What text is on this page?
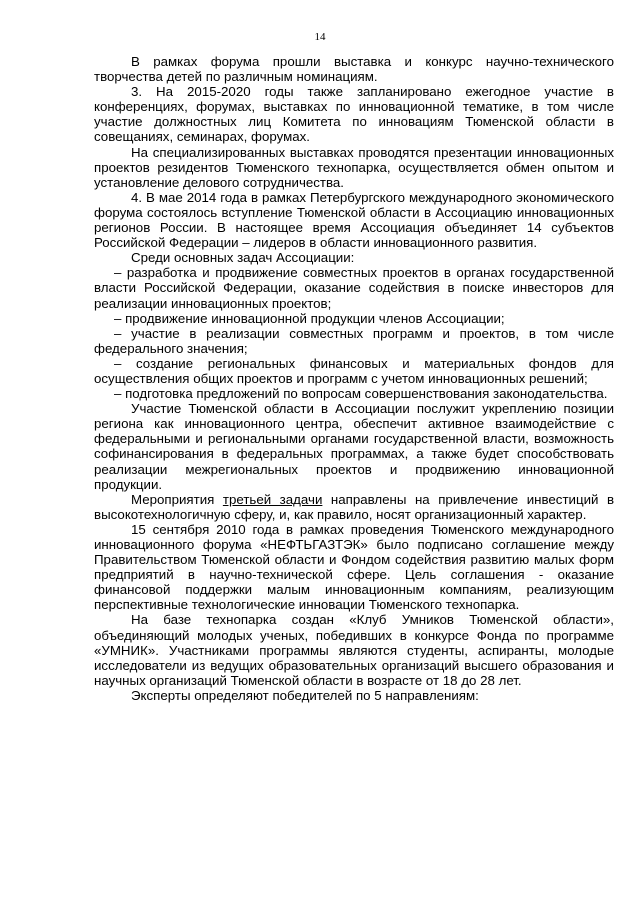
14

В рамках форума прошли выставка и конкурс научно-технического творчества детей по различным номинациям.

3. На 2015-2020 годы также запланировано ежегодное участие в конференциях, форумах, выставках по инновационной тематике, в том числе участие должностных лиц Комитета по инновациям Тюменской области в совещаниях, семинарах, форумах.

На специализированных выставках проводятся презентации инновационных проектов резидентов Тюменского технопарка, осуществляется обмен опытом и установление делового сотрудничества.

4. В мае 2014 года в рамках Петербургского международного экономического форума состоялось вступление Тюменской области в Ассоциацию инновационных регионов России. В настоящее время Ассоциация объединяет 14 субъектов Российской Федерации – лидеров в области инновационного развития.

Среди основных задач Ассоциации:

– разработка и продвижение совместных проектов в органах государственной власти Российской Федерации, оказание содействия в поиске инвесторов для реализации инновационных проектов;

– продвижение инновационной продукции членов Ассоциации;

– участие в реализации совместных программ и проектов, в том числе федерального значения;

– создание региональных финансовых и материальных фондов для осуществления общих проектов и программ с учетом инновационных решений;

– подготовка предложений по вопросам совершенствования законодательства.

Участие Тюменской области в Ассоциации послужит укреплению позиции региона как инновационного центра, обеспечит активное взаимодействие с федеральными и региональными органами государственной власти, возможность софинансирования в федеральных программах, а также будет способствовать реализации межрегиональных проектов и продвижению инновационной продукции.

Мероприятия третьей задачи направлены на привлечение инвестиций в высокотехнологичную сферу, и, как правило, носят организационный характер.

15 сентября 2010 года в рамках проведения Тюменского международного инновационного форума «НЕФТЬГАЗТЭК» было подписано соглашение между Правительством Тюменской области и Фондом содействия развитию малых форм предприятий в научно-технической сфере. Цель соглашения - оказание финансовой поддержки малым инновационным компаниям, реализующим перспективные технологические инновации Тюменского технопарка.

На базе технопарка создан «Клуб Умников Тюменской области», объединяющий молодых ученых, победивших в конкурсе Фонда по программе «УМНИК». Участниками программы являются студенты, аспиранты, молодые исследователи из ведущих образовательных организаций высшего образования и научных организаций Тюменской области в возрасте от 18 до 28 лет.

Эксперты определяют победителей по 5 направлениям:
